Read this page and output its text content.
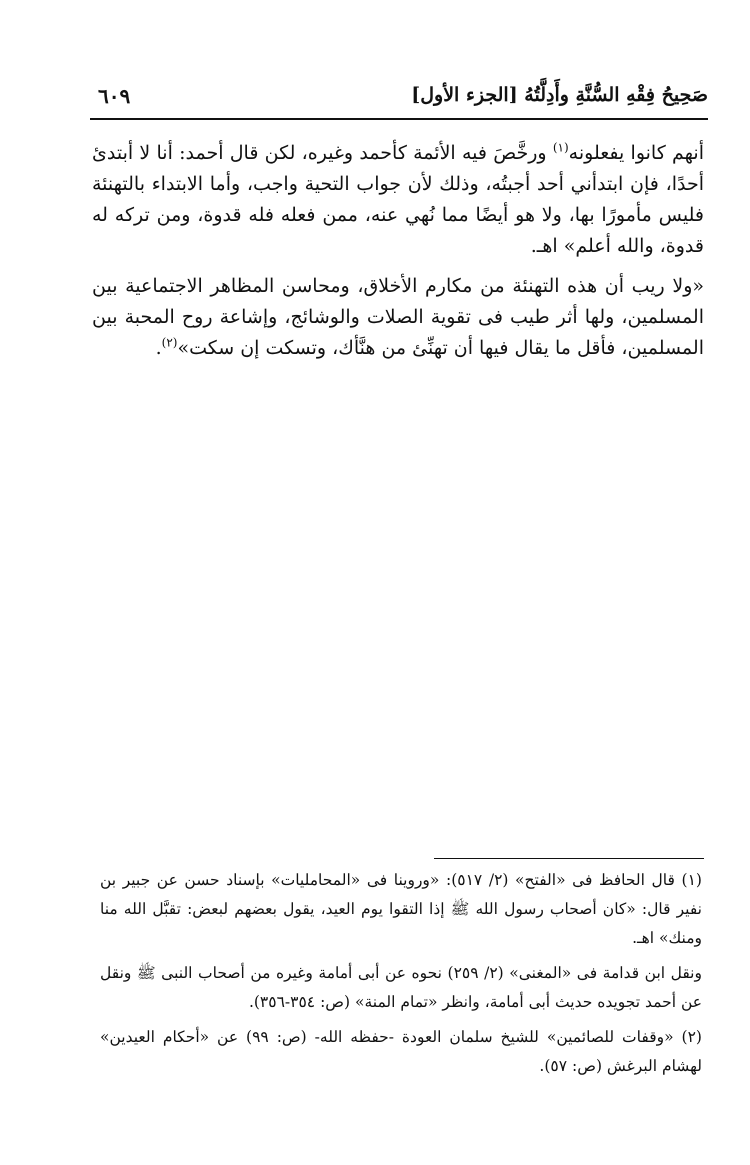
صَحِيحُ فِقْهِ السُّنَّةِ وأَدِلَّتُهُ [الجزء الأول]
٦٠٩

أنهم كانوا يفعلونه$^{(١)}$ ورخَّصَ فيه الأئمة كأحمد وغيره، لكن قال أحمد: أنا لا أبتدئ أحدًا، فإن ابتدأني أحد أجبتُه، وذلك لأن جواب التحية واجب، وأما الابتداء بالتهنئة فليس مأمورًا بها، ولا هو أيضًا مما نُهي عنه، ممن فعله فله قدوة، ومن تركه له قدوة، والله أعلم» اهـ.

«ولا ريب أن هذه التهنئة من مكارم الأخلاق، ومحاسن المظاهر الاجتماعية بين المسلمين، ولها أثر طيب فى تقوية الصلات والوشائج، وإشاعة روح المحبة بين المسلمين، فأقل ما يقال فيها أن تهنِّئ من هنَّأك، وتسكت إن سكت»$^{(٢)}$.

(١) قال الحافظ فى «الفتح» (٢/ ٥١٧): «وروينا فى «المحامليات» بإسناد حسن عن جبير بن نفير قال: «كان أصحاب رسول الله ﷺ إذا التقوا يوم العيد، يقول بعضهم لبعض: تقبَّل الله منا ومنك» اهـ.

ونقل ابن قدامة فى «المغنى» (٢/ ٢٥٩) نحوه عن أبى أمامة وغيره من أصحاب النبى ﷺ ونقل عن أحمد تجويده حديث أبى أمامة، وانظر «تمام المنة» (ص: ٣٥٤-٣٥٦).

(٢) «وقفات للصائمين» للشيخ سلمان العودة -حفظه الله- (ص: ٩٩) عن «أحكام العيدين» لهشام البرغش (ص: ٥٧).
